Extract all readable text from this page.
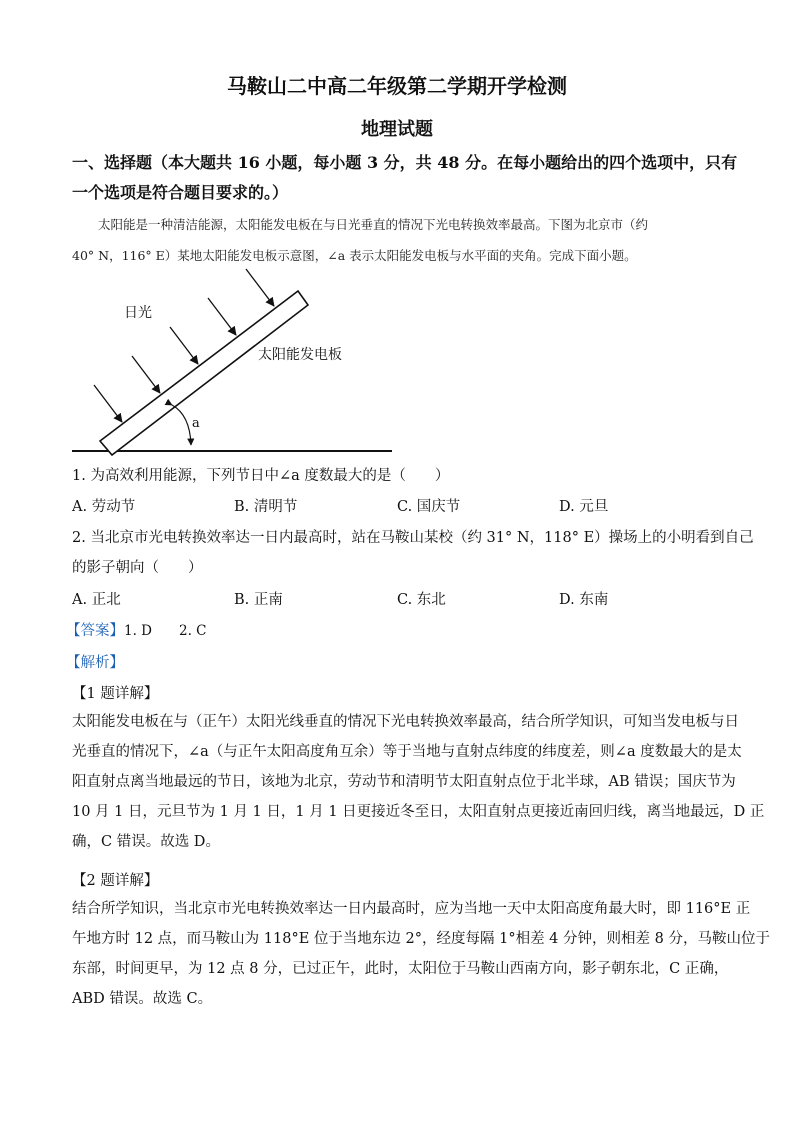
马鞍山二中高二年级第二学期开学检测
地理试题
一、选择题（本大题共 16 小题，每小题 3 分，共 48 分。在每小题给出的四个选项中，只有
一个选项是符合题目要求的。）
太阳能是一种清洁能源，太阳能发电板在与日光垂直的情况下光电转换效率最高。下图为北京市（约
40° N，116° E）某地太阳能发电板示意图，∠a 表示太阳能发电板与水平面的夹角。完成下面小题。
日光
太阳能发电板
a
1. 为高效利用能源，下列节日中∠a 度数最大的是（　　）
A. 劳动节	B. 清明节	C. 国庆节	D. 元旦
2. 当北京市光电转换效率达一日内最高时，站在马鞍山某校（约 31° N，118° E）操场上的小明看到自己
的影子朝向（　　）
A. 正北	B. 正南	C. 东北	D. 东南
【答案】1. D　　2. C
【解析】
【1 题详解】
太阳能发电板在与（正午）太阳光线垂直的情况下光电转换效率最高，结合所学知识，可知当发电板与日
光垂直的情况下，∠a（与正午太阳高度角互余）等于当地与直射点纬度的纬度差，则∠a 度数最大的是太
阳直射点离当地最远的节日，该地为北京，劳动节和清明节太阳直射点位于北半球，AB 错误；国庆节为
10 月 1 日，元旦节为 1 月 1 日，1 月 1 日更接近冬至日，太阳直射点更接近南回归线，离当地最远，D 正
确，C 错误。故选 D。
【2 题详解】
结合所学知识，当北京市光电转换效率达一日内最高时，应为当地一天中太阳高度角最大时，即 116°E 正
午地方时 12 点，而马鞍山为 118°E 位于当地东边 2°，经度每隔 1°相差 4 分钟，则相差 8 分，马鞍山位于
东部，时间更早，为 12 点 8 分，已过正午，此时，太阳位于马鞍山西南方向，影子朝东北，C 正确，
ABD 错误。故选 C。
